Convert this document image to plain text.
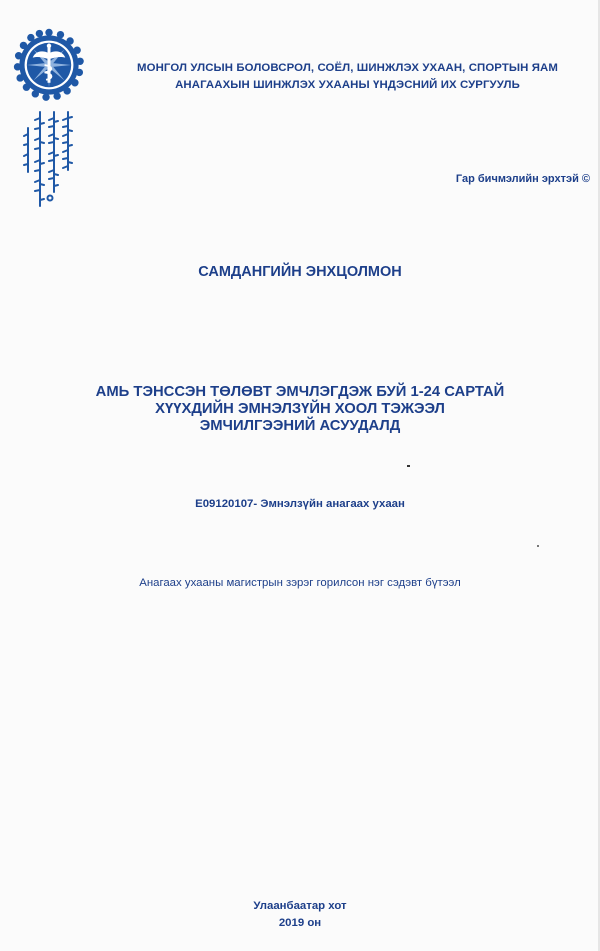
МОНГОЛ УЛСЫН БОЛОВСРОЛ, СОЁЛ, ШИНЖЛЭХ УХААН, СПОРТЫН ЯАМ
АНАГААХЫН ШИНЖЛЭХ УХААНЫ ҮНДЭСНИЙ ИХ СУРГУУЛЬ
Гар бичмэлийн эрхтэй ©
САМДАНГИЙН ЭНХЦОЛМОН
АМЬ ТЭНССЭН ТӨЛӨВТ ЭМЧЛЭГДЭЖ БУЙ 1-24 САРТАЙ
ХҮҮХДИЙН ЭМНЭЛЗҮЙН ХООЛ ТЭЖЭЭЛ
ЭМЧИЛГЭЭНИЙ АСУУДАЛД
Е09120107- Эмнэлзүйн анагаах ухаан
Анагаах ухааны магистрын зэрэг горилсон нэг сэдэвт бүтээл
Улаанбаатар хот
2019 он
